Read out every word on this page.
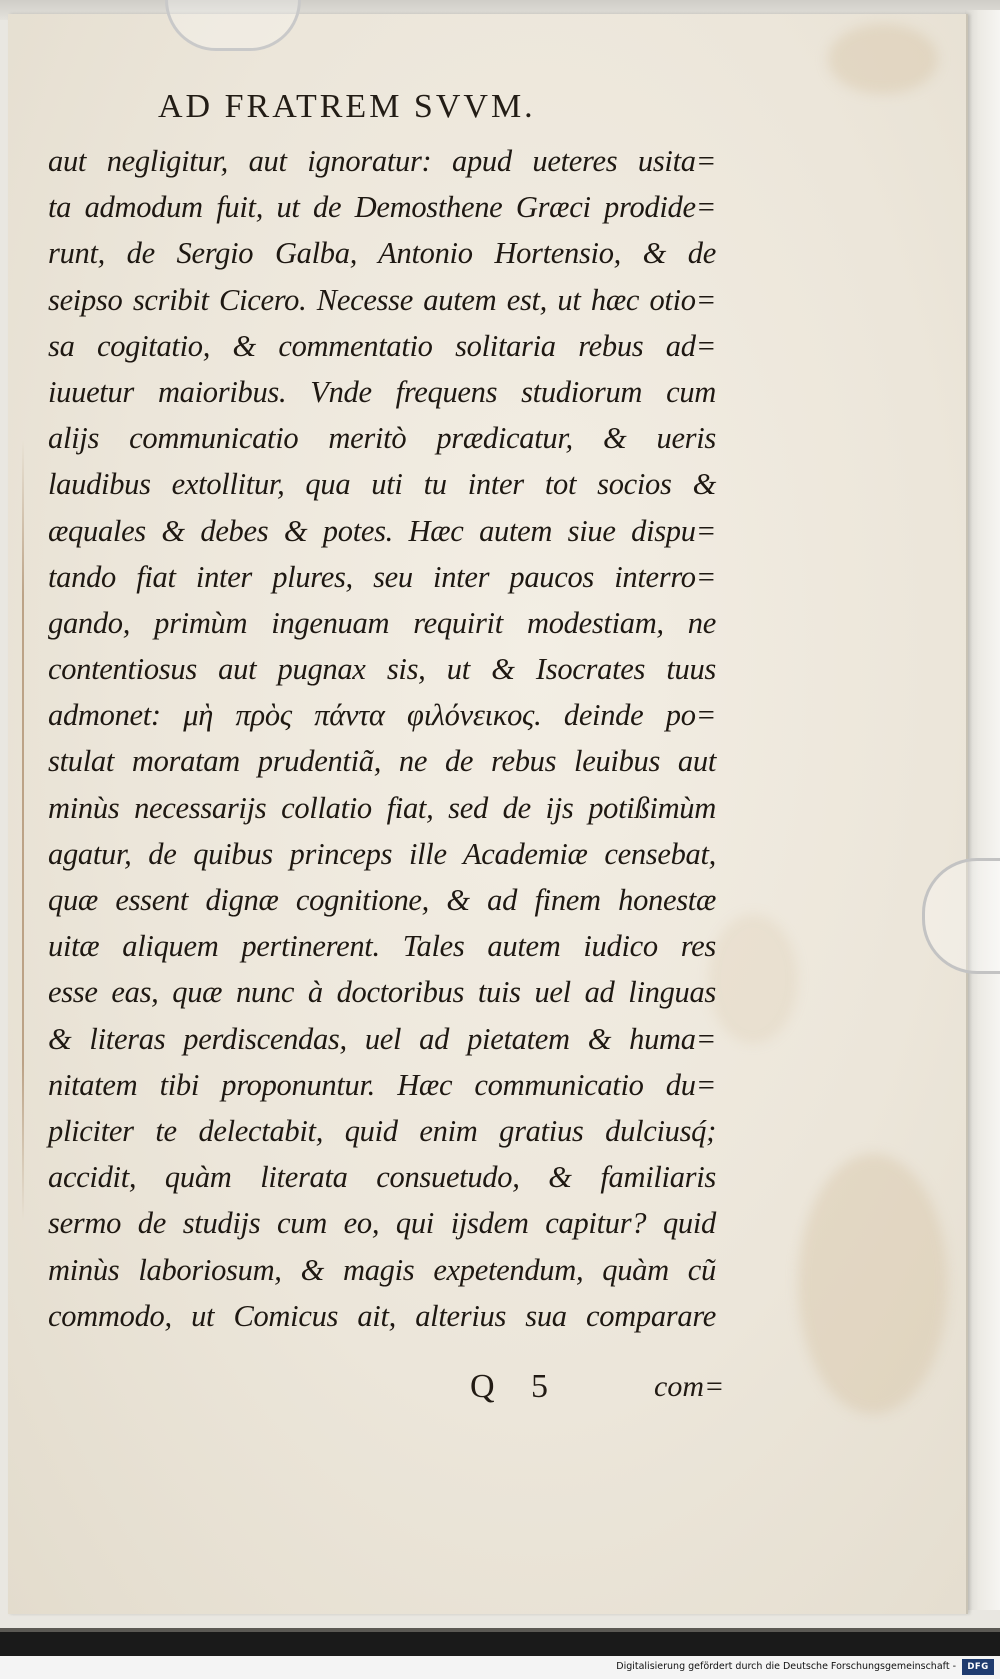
AD FRATREM SVVM.
aut negligitur, aut ignoratur: apud ueteres usita=
ta admodum fuit, ut de Demosthene Græci prodide=
runt, de Sergio Galba, Antonio Hortensio, & de
seipso scribit Cicero. Necesse autem est, ut hæc otio=
sa cogitatio, & commentatio solitaria rebus ad=
iuuetur maioribus. Vnde frequens studiorum cum
alijs communicatio meritò prædicatur, & ueris
laudibus extollitur, qua uti tu inter tot socios &
æquales & debes & potes. Hæc autem siue dispu=
tando fiat inter plures, seu inter paucos interro=
gando, primùm ingenuam requirit modestiam, ne
contentiosus aut pugnax sis, ut & Isocrates tuus
admonet: μὴ πρὸς πάντα φιλόνεικος. deinde po=
stulat moratam prudentiã, ne de rebus leuibus aut
minùs necessarijs collatio fiat, sed de ijs potißimùm
agatur, de quibus princeps ille Academiæ censebat,
quæ essent dignæ cognitione, & ad finem honestæ
uitæ aliquem pertinerent. Tales autem iudico res
esse eas, quæ nunc à doctoribus tuis uel ad linguas
& literas perdiscendas, uel ad pietatem & huma=
nitatem tibi proponuntur. Hæc communicatio du=
pliciter te delectabit, quid enim gratius dulciusq́;
accidit, quàm literata consuetudo, & familiaris
sermo de studijs cum eo, qui ijsdem capitur? quid
minùs laboriosum, & magis expetendum, quàm cũ
commodo, ut Comicus ait, alterius sua comparare
Q 5	com=
Digitalisierung gefördert durch die Deutsche Forschungsgemeinschaft -	DFG
